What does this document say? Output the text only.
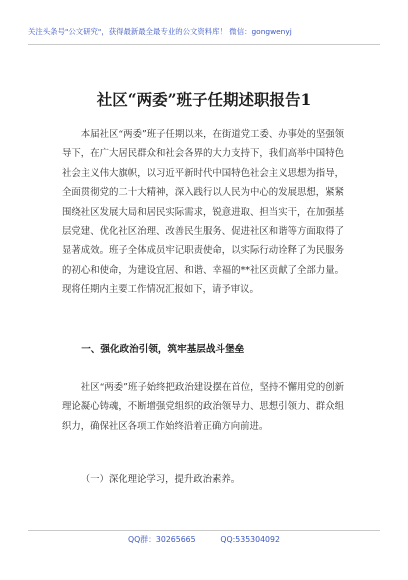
关注头条号"公文研究"，获得最新最全最专业的公文资料库！ 微信：gongwenyj
社区“两委”班子任期述职报告1

本届社区“两委”班子任期以来，在街道党工委、办事处的坚强领导下，在广大居民群众和社会各界的大力支持下，我们高举中国特色社会主义伟大旗帜，以习近平新时代中国特色社会主义思想为指导，全面贯彻党的二十大精神，深入践行以人民为中心的发展思想，紧紧围绕社区发展大局和居民实际需求，锐意进取、担当实干，在加强基层党建、优化社区治理、改善民生服务、促进社区和谐等方面取得了显著成效。班子全体成员牢记职责使命，以实际行动诠释了为民服务的初心和使命，为建设宜居、和谐、幸福的**社区贡献了全部力量。现将任期内主要工作情况汇报如下，请予审议。

一、强化政治引领，筑牢基层战斗堡垒

社区“两委”班子始终把政治建设摆在首位，坚持不懈用党的创新理论凝心铸魂，不断增强党组织的政治领导力、思想引领力、群众组织力，确保社区各项工作始终沿着正确方向前进。

（一）深化理论学习，提升政治素养。

QQ群：30265665	QQ:535304092
